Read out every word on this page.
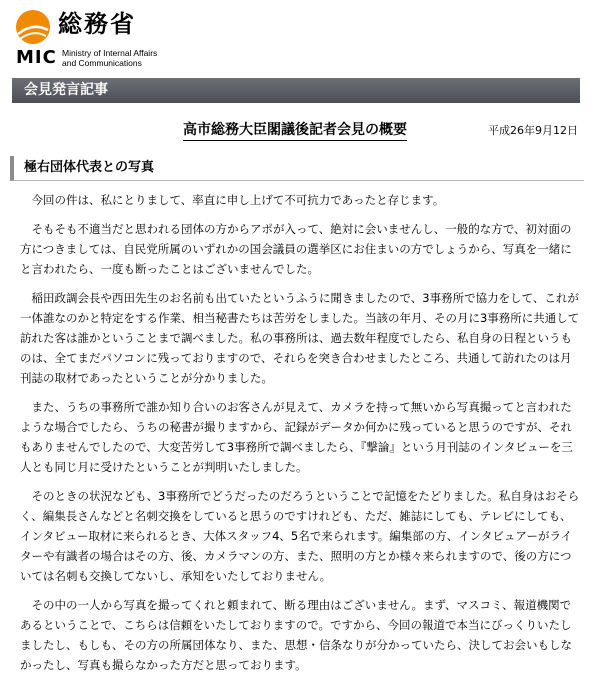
総務省
MIC Ministry of Internal Affairs
and Communications
会見発言記事
高市総務大臣閣議後記者会見の概要	平成26年9月12日
極右団体代表との写真

今回の件は、私にとりまして、率直に申し上げて不可抗力であったと存じます。

そもそも不適当だと思われる団体の方からアポが入って、絶対に会いませんし、一般的な方で、初対面の方につきましては、自民党所属のいずれかの国会議員の選挙区にお住まいの方でしょうから、写真を一緒にと言われたら、一度も断ったことはございませんでした。

稲田政調会長や西田先生のお名前も出ていたというふうに聞きましたので、3事務所で協力をして、これが一体誰なのかと特定をする作業、相当秘書たちは苦労をしました。当該の年月、その月に3事務所に共通して訪れた客は誰かということまで調べました。私の事務所は、過去数年程度でしたら、私自身の日程というものは、全てまだパソコンに残っておりますので、それらを突き合わせましたところ、共通して訪れたのは月刊誌の取材であったということが分かりました。

また、うちの事務所で誰か知り合いのお客さんが見えて、カメラを持って無いから写真撮ってと言われたような場合でしたら、うちの秘書が撮りますから、記録がデータか何かに残っていると思うのですが、それもありませんでしたので、大変苦労して3事務所で調べましたら、『撃論』という月刊誌のインタビューを三人とも同じ月に受けたということが判明いたしました。

そのときの状況なども、3事務所でどうだったのだろうということで記憶をたどりました。私自身はおそらく、編集長さんなどと名刺交換をしていると思うのですけれども、ただ、雑誌にしても、テレビにしても、インタビュー取材に来られるとき、大体スタッフ4、5名で来られます。編集部の方、インタビュアーがライターや有識者の場合はその方、後、カメラマンの方、また、照明の方とか様々来られますので、後の方については名刺も交換してないし、承知をいたしておりません。

その中の一人から写真を撮ってくれと頼まれて、断る理由はございません。まず、マスコミ、報道機関であるということで、こちらは信頼をいたしておりますので。ですから、今回の報道で本当にびっくりいたしましたし、もしも、その方の所属団体なり、また、思想・信条なりが分かっていたら、決してお会いもしなかったし、写真も撮らなかった方だと思っております。
